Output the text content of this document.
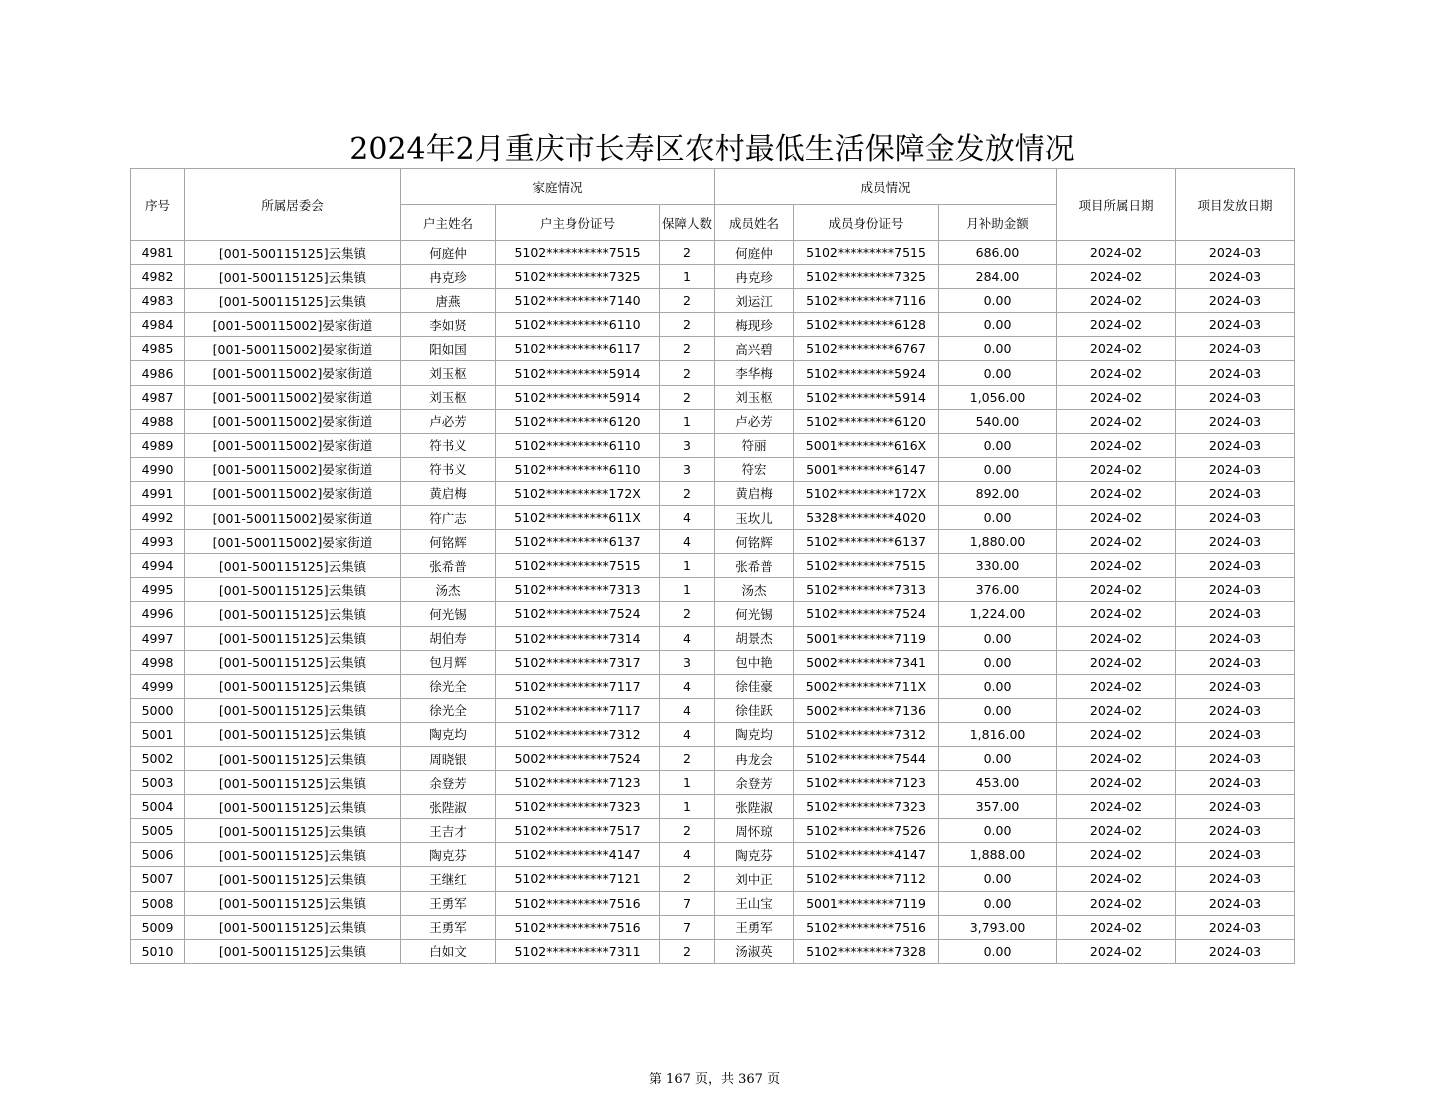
2024年2月重庆市长寿区农村最低生活保障金发放情况
序号	所属居委会	家庭情况			成员情况			项目所属日期	项目发放日期
		户主姓名	户主身份证号	保障人数	成员姓名	成员身份证号	月补助金额		
4981	[001-500115125]云集镇	何庭仲	5102**********7515	2	何庭仲	5102*********7515	686.00	2024-02	2024-03
4982	[001-500115125]云集镇	冉克珍	5102**********7325	1	冉克珍	5102*********7325	284.00	2024-02	2024-03
4983	[001-500115125]云集镇	唐燕	5102**********7140	2	刘运江	5102*********7116	0.00	2024-02	2024-03
4984	[001-500115002]晏家街道	李如贤	5102**********6110	2	梅现珍	5102*********6128	0.00	2024-02	2024-03
4985	[001-500115002]晏家街道	阳如国	5102**********6117	2	高兴碧	5102*********6767	0.00	2024-02	2024-03
4986	[001-500115002]晏家街道	刘玉枢	5102**********5914	2	李华梅	5102*********5924	0.00	2024-02	2024-03
4987	[001-500115002]晏家街道	刘玉枢	5102**********5914	2	刘玉枢	5102*********5914	1,056.00	2024-02	2024-03
4988	[001-500115002]晏家街道	卢必芳	5102**********6120	1	卢必芳	5102*********6120	540.00	2024-02	2024-03
4989	[001-500115002]晏家街道	符书义	5102**********6110	3	符丽	5001*********616X	0.00	2024-02	2024-03
4990	[001-500115002]晏家街道	符书义	5102**********6110	3	符宏	5001*********6147	0.00	2024-02	2024-03
4991	[001-500115002]晏家街道	黄启梅	5102**********172X	2	黄启梅	5102*********172X	892.00	2024-02	2024-03
4992	[001-500115002]晏家街道	符广志	5102**********611X	4	玉坎儿	5328*********4020	0.00	2024-02	2024-03
4993	[001-500115002]晏家街道	何铭辉	5102**********6137	4	何铭辉	5102*********6137	1,880.00	2024-02	2024-03
4994	[001-500115125]云集镇	张希普	5102**********7515	1	张希普	5102*********7515	330.00	2024-02	2024-03
4995	[001-500115125]云集镇	汤杰	5102**********7313	1	汤杰	5102*********7313	376.00	2024-02	2024-03
4996	[001-500115125]云集镇	何光锡	5102**********7524	2	何光锡	5102*********7524	1,224.00	2024-02	2024-03
4997	[001-500115125]云集镇	胡伯寿	5102**********7314	4	胡景杰	5001*********7119	0.00	2024-02	2024-03
4998	[001-500115125]云集镇	包月辉	5102**********7317	3	包中艳	5002*********7341	0.00	2024-02	2024-03
4999	[001-500115125]云集镇	徐光全	5102**********7117	4	徐佳豪	5002*********711X	0.00	2024-02	2024-03
5000	[001-500115125]云集镇	徐光全	5102**********7117	4	徐佳跃	5002*********7136	0.00	2024-02	2024-03
5001	[001-500115125]云集镇	陶克均	5102**********7312	4	陶克均	5102*********7312	1,816.00	2024-02	2024-03
5002	[001-500115125]云集镇	周晓银	5002**********7524	2	冉龙会	5102*********7544	0.00	2024-02	2024-03
5003	[001-500115125]云集镇	余登芳	5102**********7123	1	余登芳	5102*********7123	453.00	2024-02	2024-03
5004	[001-500115125]云集镇	张陛淑	5102**********7323	1	张陛淑	5102*********7323	357.00	2024-02	2024-03
5005	[001-500115125]云集镇	王吉才	5102**********7517	2	周怀琼	5102*********7526	0.00	2024-02	2024-03
5006	[001-500115125]云集镇	陶克芬	5102**********4147	4	陶克芬	5102*********4147	1,888.00	2024-02	2024-03
5007	[001-500115125]云集镇	王继红	5102**********7121	2	刘中正	5102*********7112	0.00	2024-02	2024-03
5008	[001-500115125]云集镇	王勇军	5102**********7516	7	王山宝	5001*********7119	0.00	2024-02	2024-03
5009	[001-500115125]云集镇	王勇军	5102**********7516	7	王勇军	5102*********7516	3,793.00	2024-02	2024-03
5010	[001-500115125]云集镇	白如文	5102**********7311	2	汤淑英	5102*********7328	0.00	2024-02	2024-03
第 167 页，共 367 页
